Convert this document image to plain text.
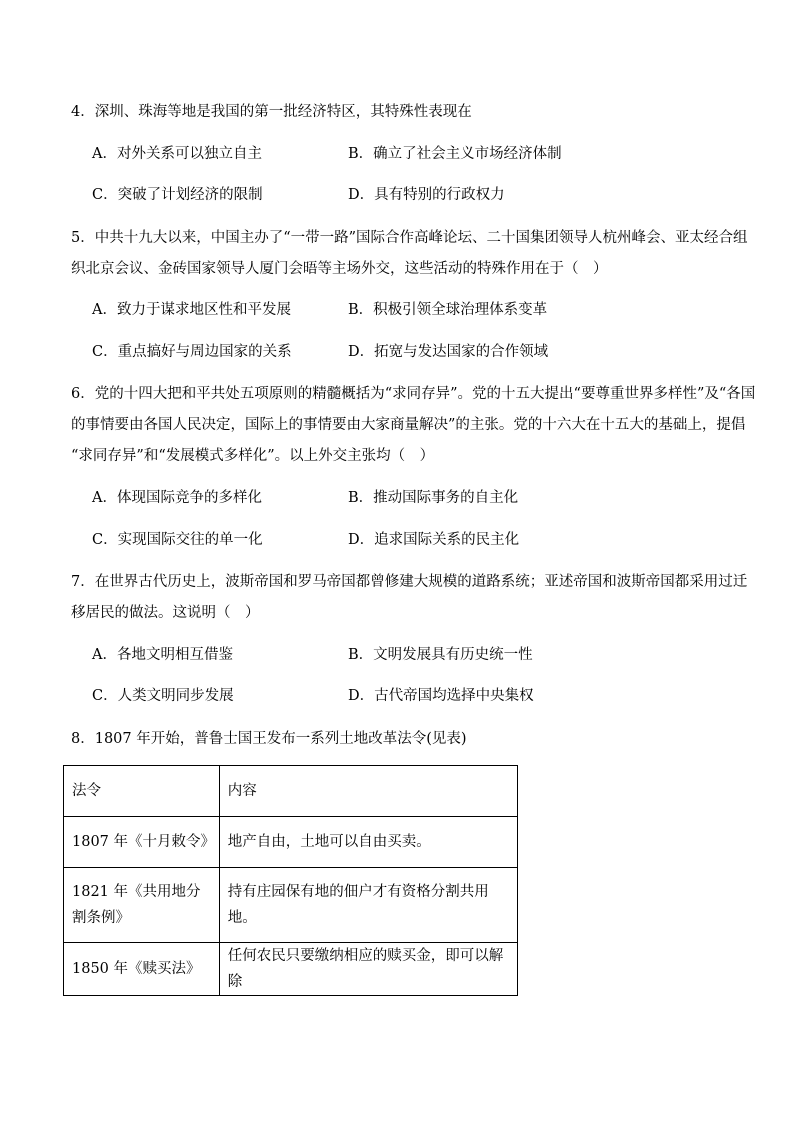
4．深圳、珠海等地是我国的第一批经济特区，其特殊性表现在
A．对外关系可以独立自主	B．确立了社会主义市场经济体制
C．突破了计划经济的限制	D．具有特别的行政权力
5．中共十九大以来，中国主办了“一带一路”国际合作高峰论坛、二十国集团领导人杭州峰会、亚太经合组
织北京会议、金砖国家领导人厦门会晤等主场外交，这些活动的特殊作用在于（　）
A．致力于谋求地区性和平发展	B．积极引领全球治理体系变革
C．重点搞好与周边国家的关系	D．拓宽与发达国家的合作领域
6．党的十四大把和平共处五项原则的精髓概括为“求同存异”。党的十五大提出“要尊重世界多样性”及“各国
的事情要由各国人民决定，国际上的事情要由大家商量解决”的主张。党的十六大在十五大的基础上，提倡
“求同存异”和“发展模式多样化”。以上外交主张均（　）
A．体现国际竞争的多样化	B．推动国际事务的自主化
C．实现国际交往的单一化	D．追求国际关系的民主化
7．在世界古代历史上，波斯帝国和罗马帝国都曾修建大规模的道路系统；亚述帝国和波斯帝国都采用过迁
移居民的做法。这说明（　）
A．各地文明相互借鉴	B．文明发展具有历史统一性
C．人类文明同步发展	D．古代帝国均选择中央集权
8．1807 年开始，普鲁士国王发布一系列土地改革法令(见表)
法令	内容
1807 年《十月敕令》	地产自由，土地可以自由买卖。
1821 年《共用地分割条例》	持有庄园保有地的佃户才有资格分割共用地。
1850 年《赎买法》	任何农民只要缴纳相应的赎买金，即可以解除
